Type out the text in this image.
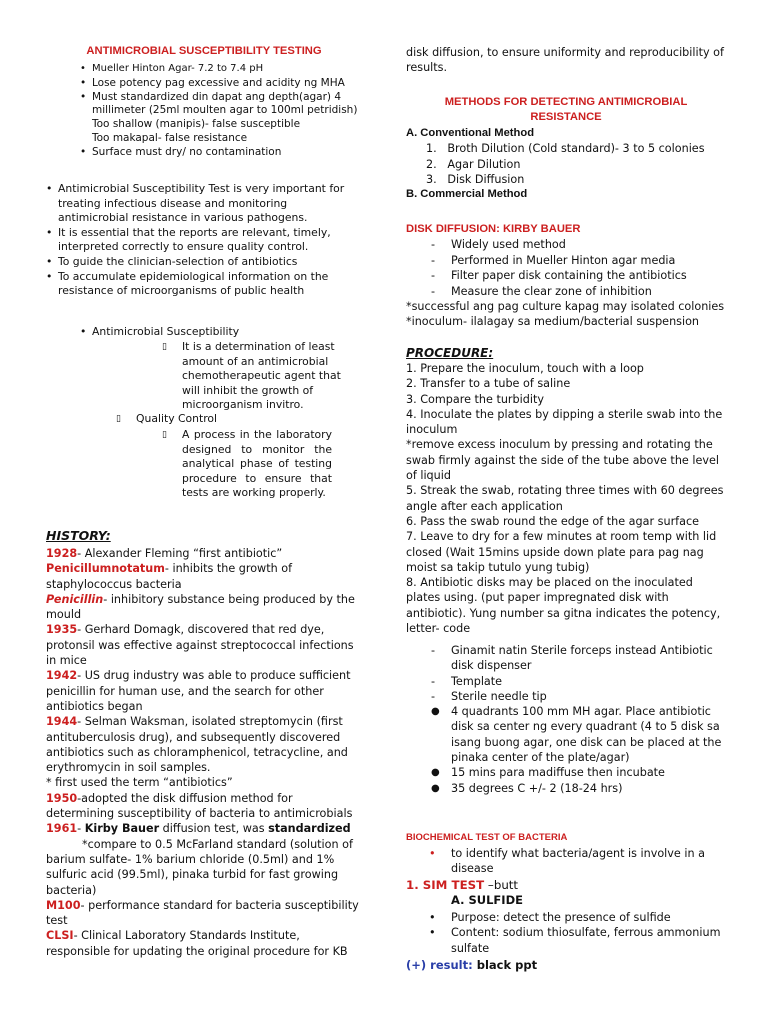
ANTIMICROBIAL SUSCEPTIBILITY TESTING
• Mueller Hinton Agar- 7.2 to 7.4 pH
• Lose potency pag excessive and acidity ng MHA
• Must standardized din dapat ang depth(agar) 4 millimeter (25ml moulten agar to 100ml petridish)
Too shallow (manipis)- false susceptible
Too makapal- false resistance
• Surface must dry/ no contamination
• Antimicrobial Susceptibility Test is very important for treating infectious disease and monitoring antimicrobial resistance in various pathogens.
• It is essential that the reports are relevant, timely, interpreted correctly to ensure quality control.
• To guide the clinician-selection of antibiotics
• To accumulate epidemiological information on the resistance of microorganisms of public health
• Antimicrobial Susceptibility
It is a determination of least amount of an antimicrobial chemotherapeutic agent that will inhibit the growth of microorganism invitro.
Quality Control
A process in the laboratory designed to monitor the analytical phase of testing procedure to ensure that tests are working properly.
HISTORY:
1928- Alexander Fleming “first antibiotic”
Penicillumnotatum- inhibits the growth of staphylococcus bacteria
Penicillin- inhibitory substance being produced by the mould
1935- Gerhard Domagk, discovered that red dye, protonsil was effective against streptococcal infections in mice
1942- US drug industry was able to produce sufficient penicillin for human use, and the search for other antibiotics began
1944- Selman Waksman, isolated streptomycin (first antituberculosis drug), and subsequently discovered antibiotics such as chloramphenicol, tetracycline, and erythromycin in soil samples.
* first used the term “antibiotics”
1950-adopted the disk diffusion method for determining susceptibility of bacteria to antimicrobials
1961- Kirby Bauer diffusion test, was standardized
*compare to 0.5 McFarland standard (solution of barium sulfate- 1% barium chloride (0.5ml) and 1% sulfuric acid (99.5ml), pinaka turbid for fast growing bacteria)
M100- performance standard for bacteria susceptibility test
CLSI- Clinical Laboratory Standards Institute, responsible for updating the original procedure for KB
disk diffusion, to ensure uniformity and reproducibility of results.
METHODS FOR DETECTING ANTIMICROBIAL
RESISTANCE
A. Conventional Method
1.   Broth Dilution (Cold standard)- 3 to 5 colonies
2.   Agar Dilution
3.   Disk Diffusion
B. Commercial Method
DISK DIFFUSION: KIRBY BAUER
- Widely used method
- Performed in Mueller Hinton agar media
- Filter paper disk containing the antibiotics
- Measure the clear zone of inhibition
*successful ang pag culture kapag may isolated colonies
*inoculum- ilalagay sa medium/bacterial suspension
PROCEDURE:
1. Prepare the inoculum, touch with a loop
2. Transfer to a tube of saline
3. Compare the turbidity
4. Inoculate the plates by dipping a sterile swab into the inoculum
*remove excess inoculum by pressing and rotating the swab firmly against the side of the tube above the level of liquid
5. Streak the swab, rotating three times with 60 degrees angle after each application
6. Pass the swab round the edge of the agar surface
7. Leave to dry for a few minutes at room temp with lid closed (Wait 15mins upside down plate para pag nag moist sa takip tutulo yung tubig)
8. Antibiotic disks may be placed on the inoculated plates using. (put paper impregnated disk with antibiotic). Yung number sa gitna indicates the potency, letter- code
- Ginamit natin Sterile forceps instead Antibiotic disk dispenser
- Template
- Sterile needle tip
● 4 quadrants 100 mm MH agar. Place antibiotic disk sa center ng every quadrant (4 to 5 disk sa isang buong agar, one disk can be placed at the pinaka center of the plate/agar)
● 15 mins para madiffuse then incubate
● 35 degrees C +/- 2 (18-24 hrs)
BIOCHEMICAL TEST OF BACTERIA
• to identify what bacteria/agent is involve in a disease
1. SIM TEST –butt
A. SULFIDE
• Purpose: detect the presence of sulfide
• Content: sodium thiosulfate, ferrous ammonium sulfate
(+) result: black ppt
